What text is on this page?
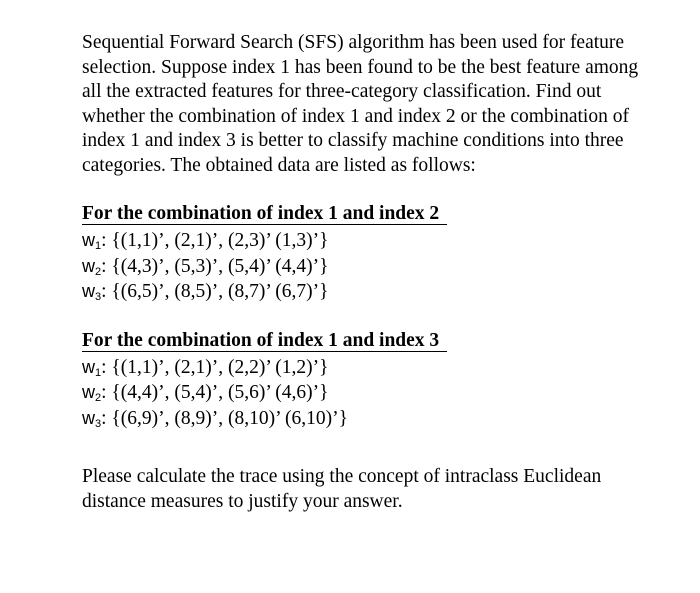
Sequential Forward Search (SFS) algorithm has been used for feature selection. Suppose index 1 has been found to be the best feature among all the extracted features for three-category classification. Find out whether the combination of index 1 and index 2 or the combination of index 1 and index 3 is better to classify machine conditions into three categories. The obtained data are listed as follows:

For the combination of index 1 and index 2
$w_1$: {(1,1)’, (2,1)’, (2,3)’ (1,3)’}
$w_2$: {(4,3)’, (5,3)’, (5,4)’ (4,4)’}
$w_3$: {(6,5)’, (8,5)’, (8,7)’ (6,7)’}
For the combination of index 1 and index 3
$w_1$: {(1,1)’, (2,1)’, (2,2)’ (1,2)’}
$w_2$: {(4,4)’, (5,4)’, (5,6)’ (4,6)’}
$w_3$: {(6,9)’, (8,9)’, (8,10)’ (6,10)’}

Please calculate the trace using the concept of intraclass Euclidean distance measures to justify your answer.
